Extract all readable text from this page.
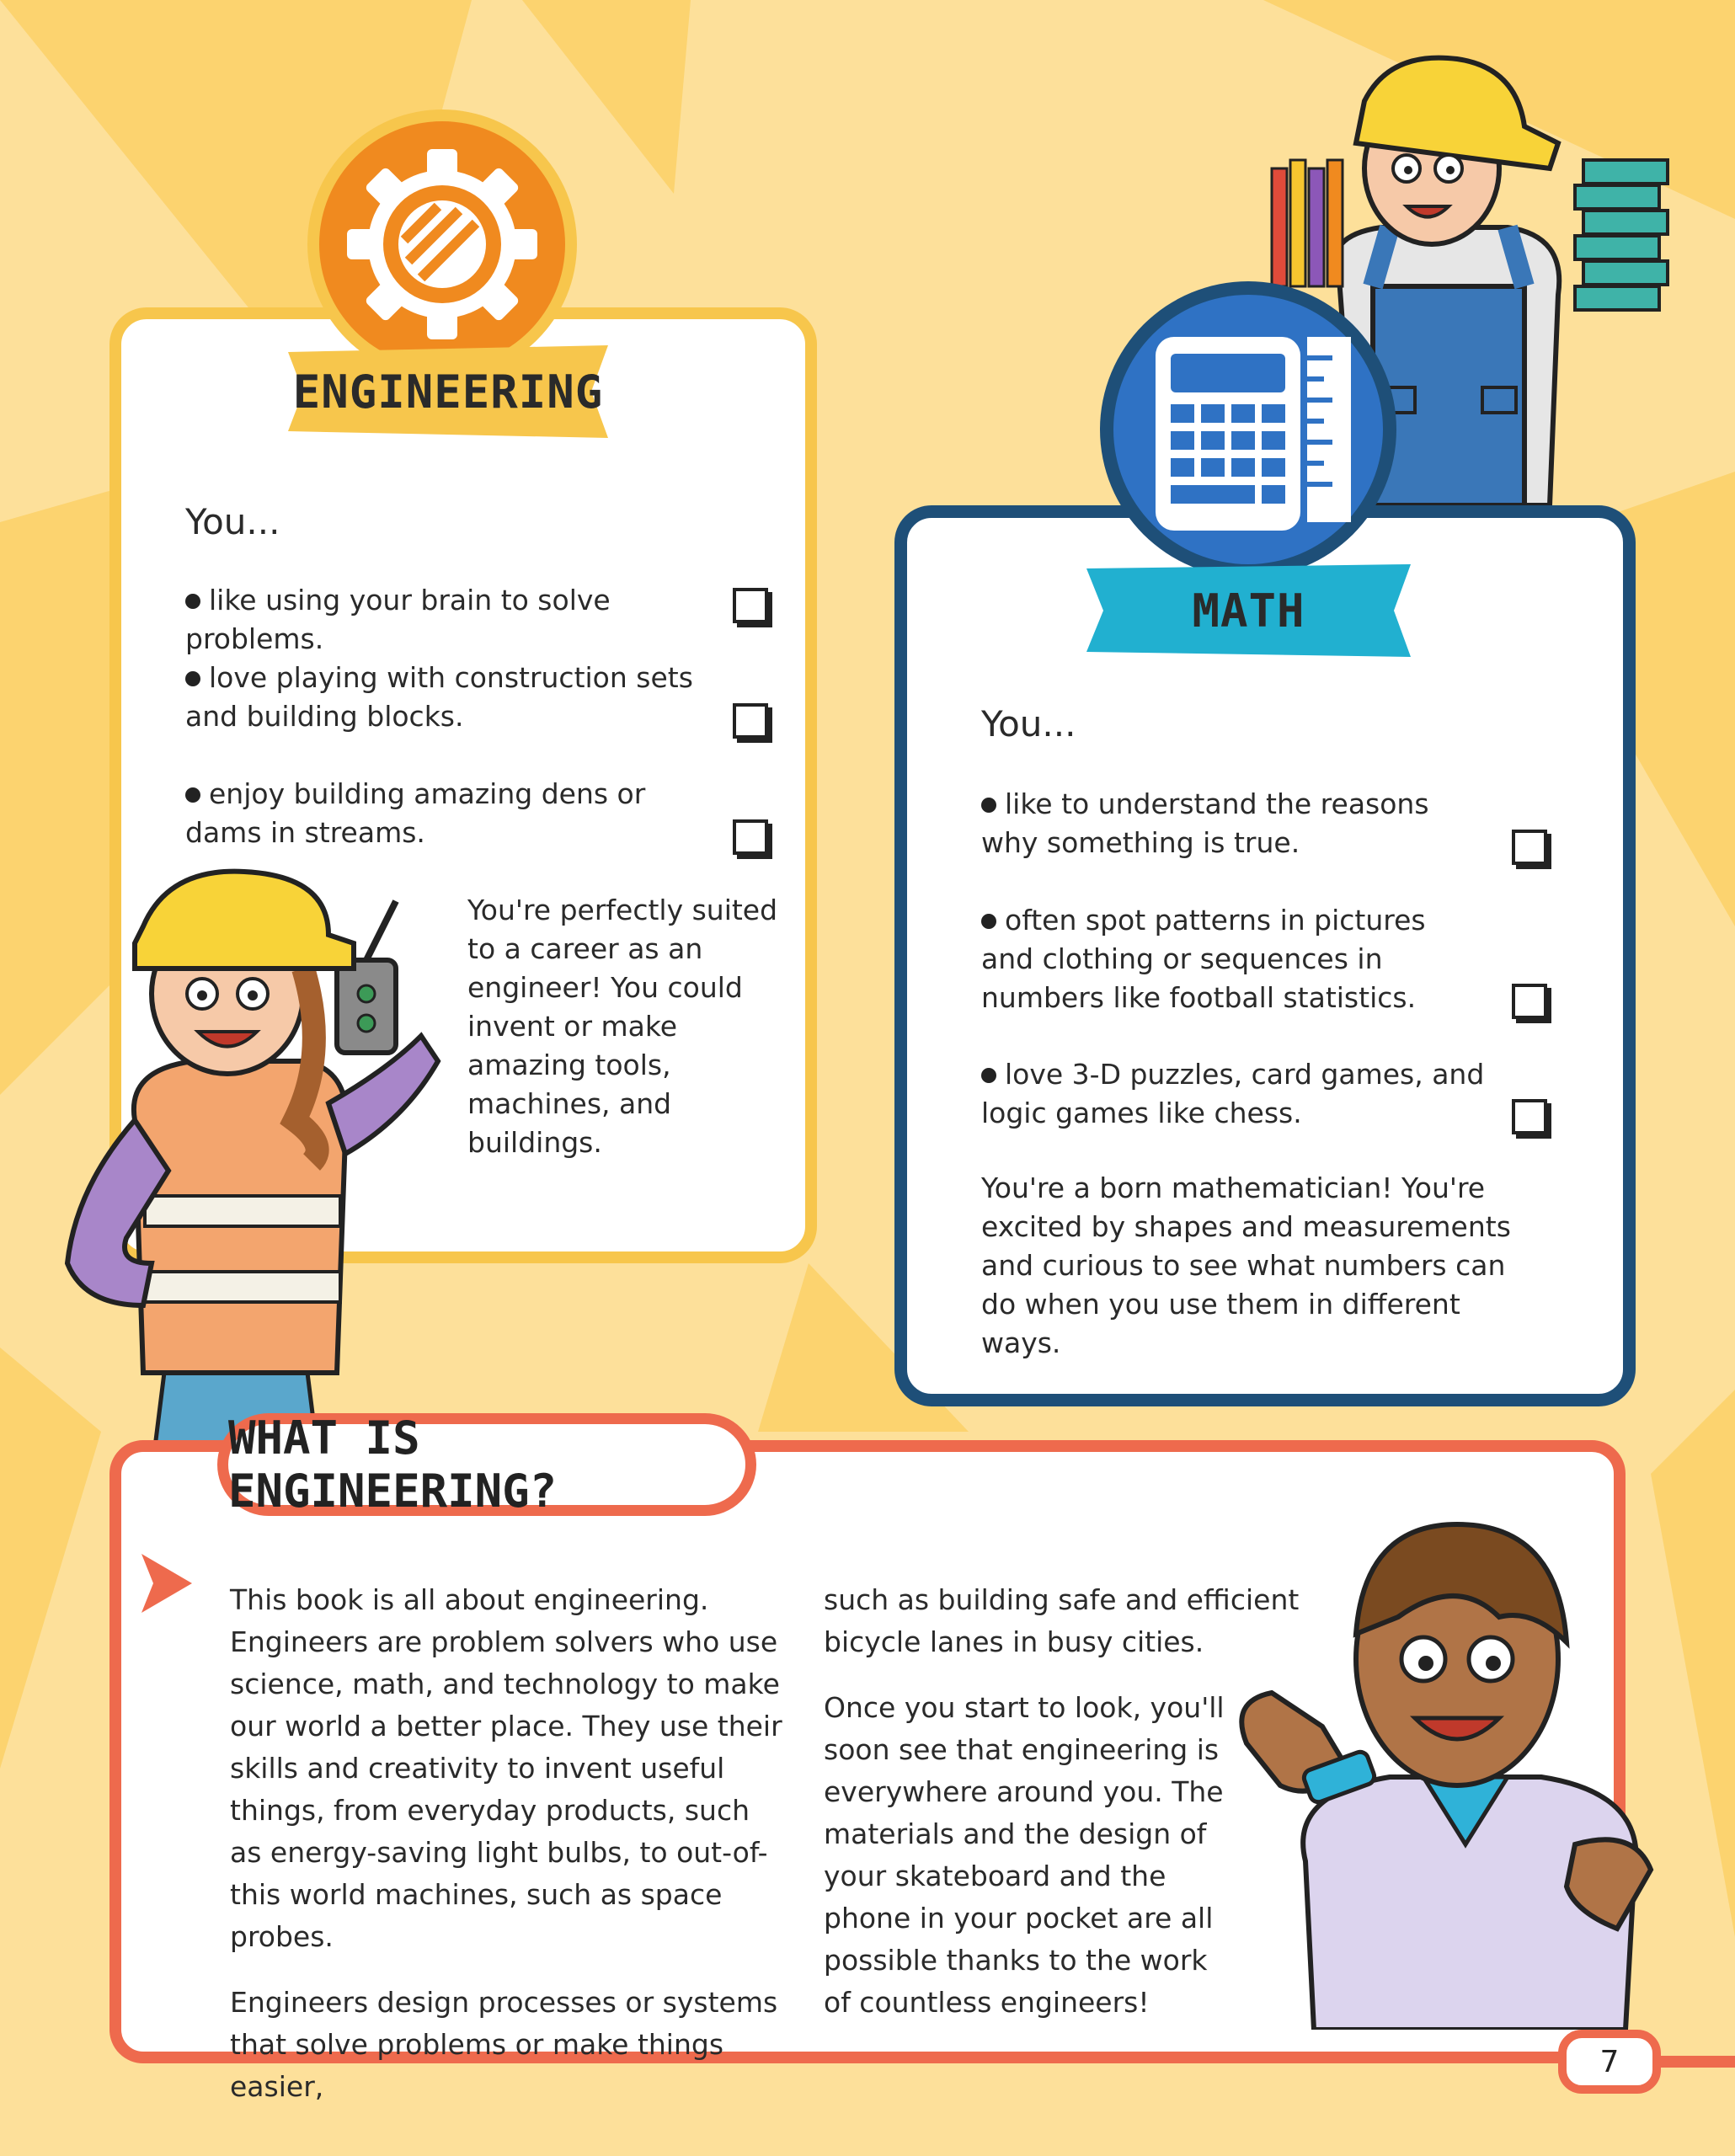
ENGINEERING
You...
like using your brain to solve problems.
love playing with construction sets and building blocks.
enjoy building amazing dens or dams in streams.
You're perfectly suited to a career as an engineer! You could invent or make amazing tools, machines, and buildings.
MATH
You...
like to understand the reasons why something is true.
often spot patterns in pictures and clothing or sequences in numbers like football statistics.
love 3-D puzzles, card games, and logic games like chess.
You're a born mathematician! You're excited by shapes and measurements and curious to see what numbers can do when you use them in different ways.
WHAT IS ENGINEERING?

This book is all about engineering. Engineers are problem solvers who use science, math, and technology to make our world a better place. They use their skills and creativity to invent useful things, from everyday products, such as energy-saving light bulbs, to out-of-this world machines, such as space probes.

Engineers design processes or systems that solve problems or make things easier,

such as building safe and efficient bicycle lanes in busy cities.

Once you start to look, you'll soon see that engineering is everywhere around you. The materials and the design of your skateboard and the phone in your pocket are all possible thanks to the work of countless engineers!

7
